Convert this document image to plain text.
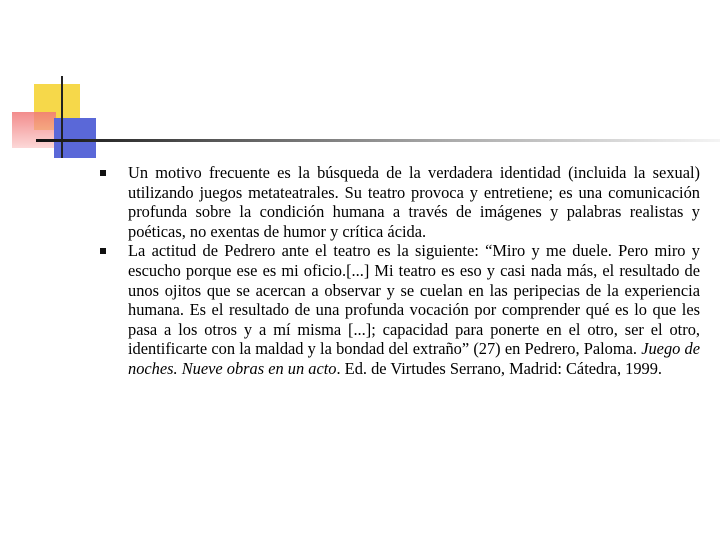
Un motivo frecuente es la búsqueda de la verdadera identidad (incluida la sexual) utilizando juegos metateatrales. Su teatro provoca y entretiene; es una comunicación profunda sobre la condición humana a través de imágenes y palabras realistas y poéticas, no exentas de humor y crítica ácida.
La actitud de Pedrero ante el teatro es la siguiente: “Miro y me duele. Pero miro y escucho porque ese es mi oficio.[...] Mi teatro es eso y casi nada más, el resultado de unos ojitos que se acercan a observar y se cuelan en las peripecias de la experiencia humana. Es el resultado de una profunda vocación por comprender qué es lo que les pasa a los otros y a mí misma [...]; capacidad para ponerte en el otro, ser el otro, identificarte con la maldad y la bondad del extraño” (27) en Pedrero, Paloma. Juego de noches. Nueve obras en un acto. Ed. de Virtudes Serrano, Madrid: Cátedra, 1999.
